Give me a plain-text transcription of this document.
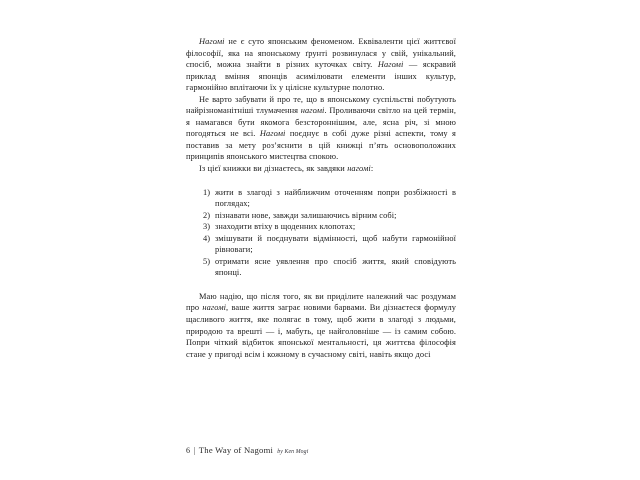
Нагомі не є суто японським феноменом. Еквіваленти цієї життєвої філософії, яка на японському ґрунті розвинулася у свій, унікальний, спосіб, можна знайти в різних куточках світу. Нагомі — яскравий приклад вміння японців асимілювати елементи інших культур, гармонійно вплітаючи їх у цілісне культурне полотно.

Не варто забувати й про те, що в японському суспільстві побутують найрізноманітніші тлумачення нагомі. Проливаючи світло на цей термін, я намагався бути якомога безстороннішим, але, ясна річ, зі мною погодяться не всі. Нагомі поєднує в собі дуже різні аспекти, тому я поставив за мету роз’яснити в цій книжці п’ять основоположних принципів японського мистецтва спокою.

Із цієї книжки ви дізнаєтесь, як завдяки нагомі:

1) жити в злагоді з найближчим оточенням попри розбіжності в поглядах;
2) пізнавати нове, завжди залишаючись вірним собі;
3) знаходити втіху в щоденних клопотах;
4) змішувати й поєднувати відмінності, щоб набути гармонійної рівноваги;
5) отримати ясне уявлення про спосіб життя, який сповідують японці.

Маю надію, що після того, як ви приділите належний час роздумам про нагомі, ваше життя заграє новими барвами. Ви дізнаєтеся формулу щасливого життя, яке полягає в тому, щоб жити в злагоді з людьми, природою та врешті — і, мабуть, це найголовніше — із самим собою. Попри чіткий відбиток японської ментальності, ця життєва філософія стане у пригоді всім і кожному в сучасному світі, навіть якщо досі

6 | The Way of Nagomi by Ken Mogi
